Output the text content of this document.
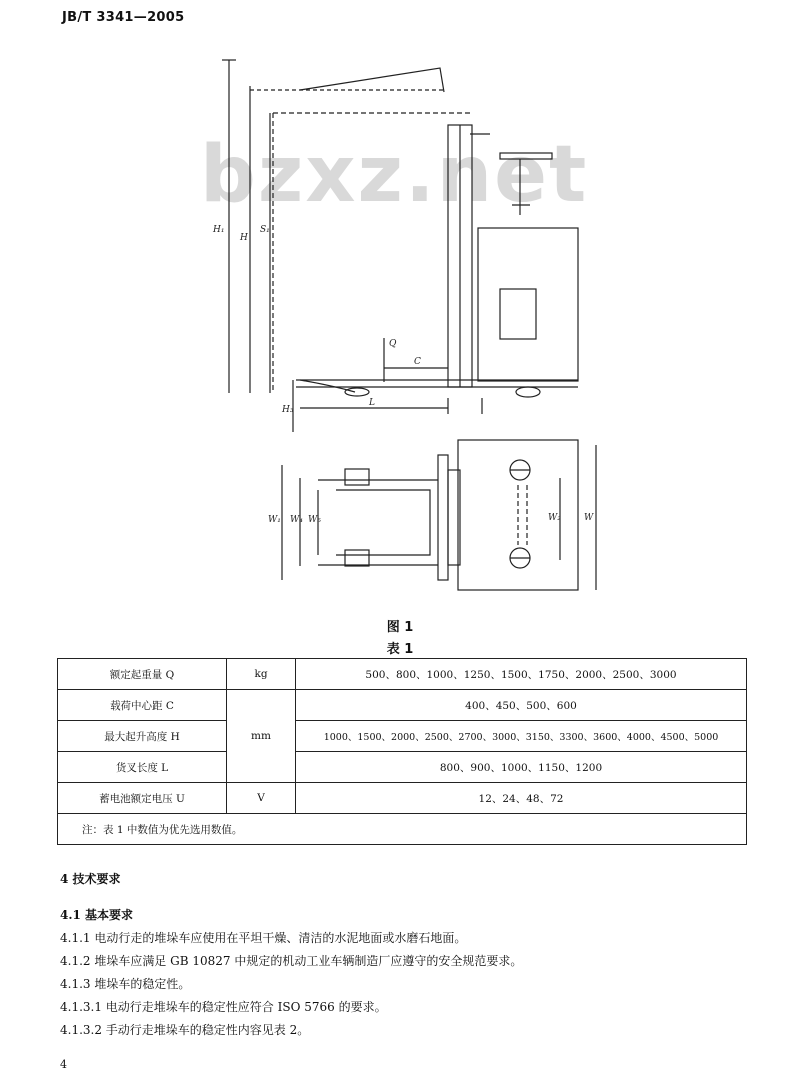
JB/T 3341—2005
bzxz.net
H₁
H
S₁
H₃
Q
C
L
W₁ W₄ W₅	W₂	W
图 1
表 1
额定起重量 Q	kg	500、800、1000、1250、1500、1750、2000、2500、3000
载荷中心距 C	mm	400、450、500、600
最大起升高度 H		1000、1500、2000、2500、2700、3000、3150、3300、3600、4000、4500、5000
货叉长度 L		800、900、1000、1150、1200
蓄电池额定电压 U	V	12、24、48、72
注：表 1 中数值为优先选用数值。		
4 技术要求
4.1 基本要求
4.1.1 电动行走的堆垛车应使用在平坦干燥、清洁的水泥地面或水磨石地面。
4.1.2 堆垛车应满足 GB 10827 中规定的机动工业车辆制造厂应遵守的安全规范要求。
4.1.3 堆垛车的稳定性。
4.1.3.1 电动行走堆垛车的稳定性应符合 ISO 5766 的要求。
4.1.3.2 手动行走堆垛车的稳定性内容见表 2。
4
